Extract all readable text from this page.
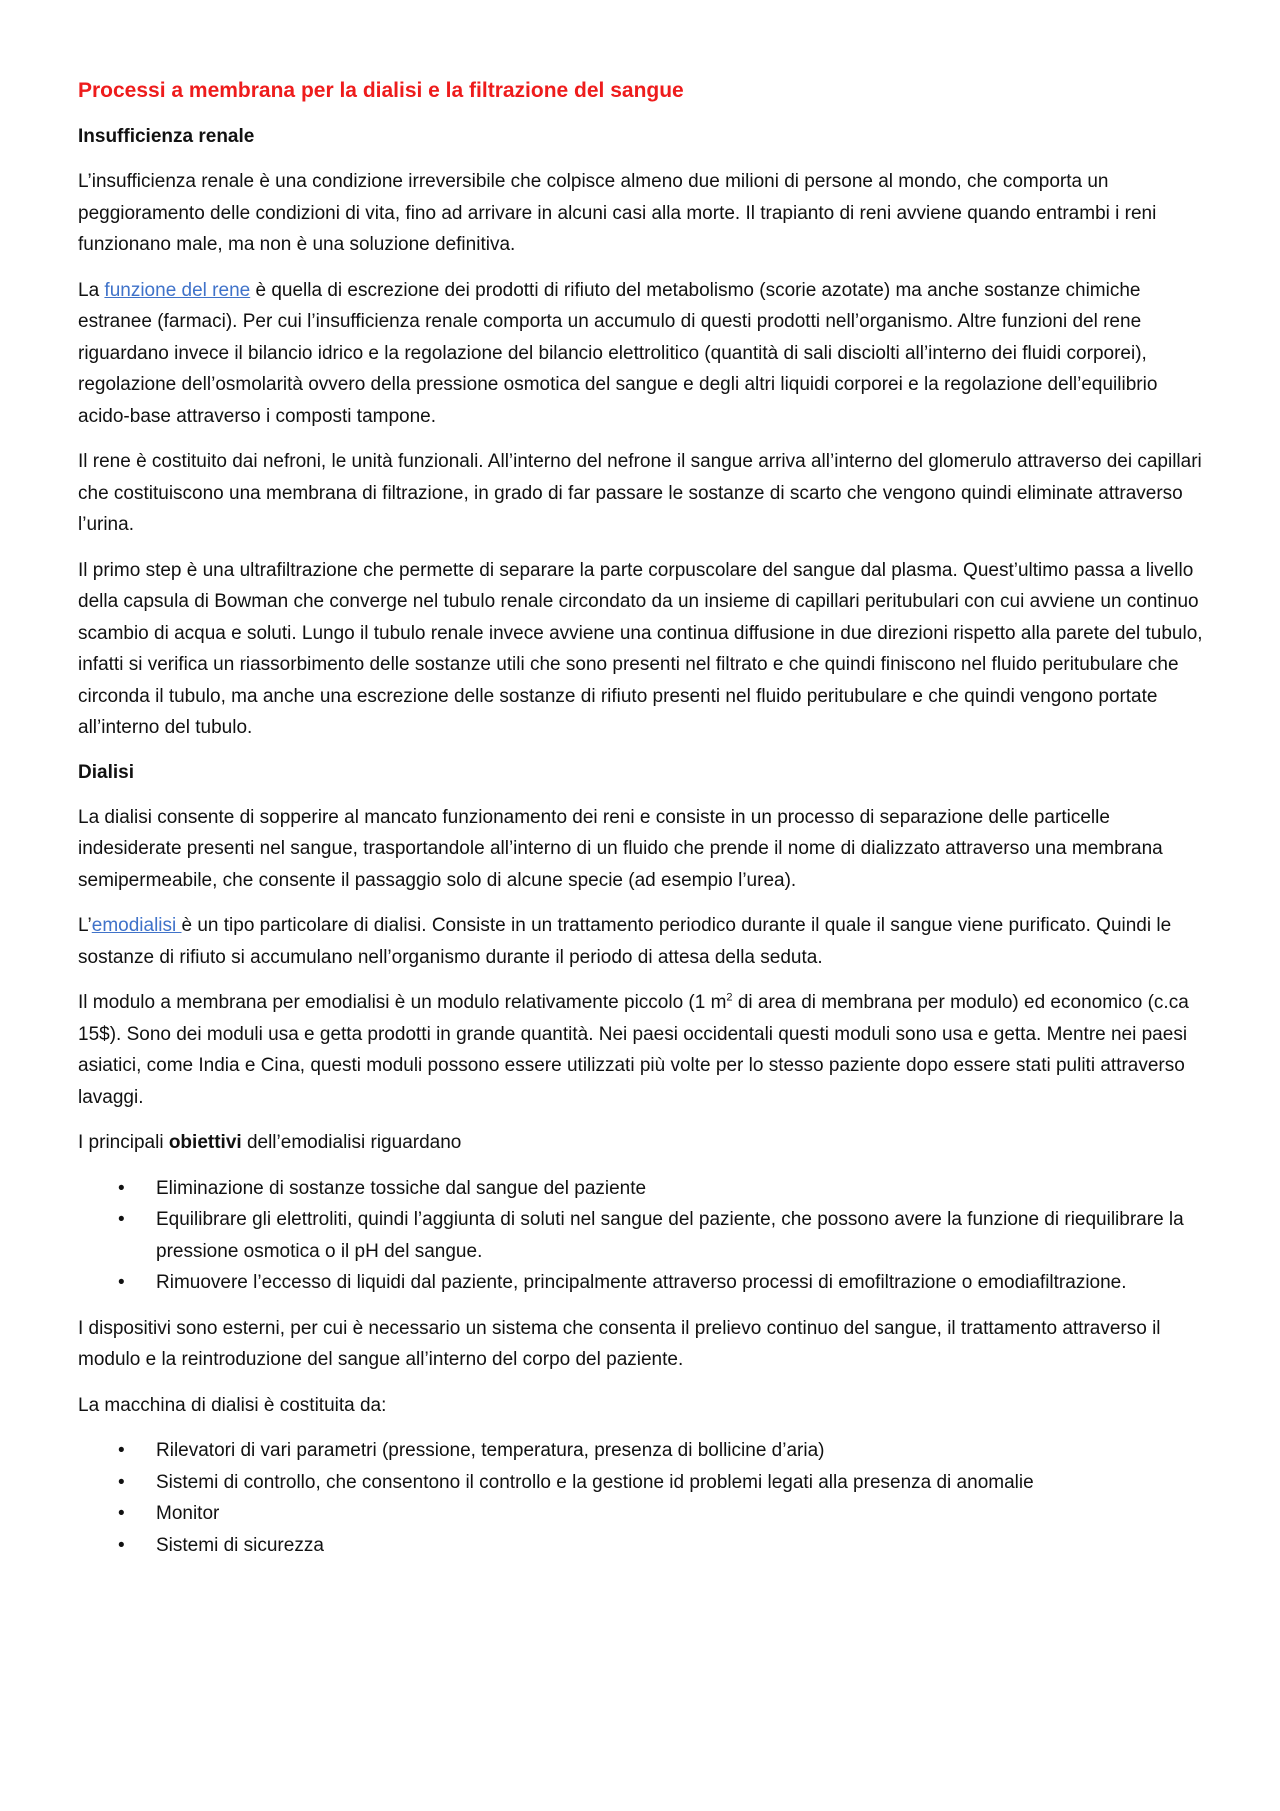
Processi a membrana per la dialisi e la filtrazione del sangue
Insufficienza renale

L’insufficienza renale è una condizione irreversibile che colpisce almeno due milioni di persone al mondo, che comporta un peggioramento delle condizioni di vita, fino ad arrivare in alcuni casi alla morte. Il trapianto di reni avviene quando entrambi i reni funzionano male, ma non è una soluzione definitiva.

La funzione del rene è quella di escrezione dei prodotti di rifiuto del metabolismo (scorie azotate) ma anche sostanze chimiche estranee (farmaci). Per cui l’insufficienza renale comporta un accumulo di questi prodotti nell’organismo. Altre funzioni del rene riguardano invece il bilancio idrico e la regolazione del bilancio elettrolitico (quantità di sali disciolti all’interno dei fluidi corporei), regolazione dell’osmolarità ovvero della pressione osmotica del sangue e degli altri liquidi corporei e la regolazione dell’equilibrio acido-base attraverso i composti tampone.

Il rene è costituito dai nefroni, le unità funzionali. All’interno del nefrone il sangue arriva all’interno del glomerulo attraverso dei capillari che costituiscono una membrana di filtrazione, in grado di far passare le sostanze di scarto che vengono quindi eliminate attraverso l’urina.

Il primo step è una ultrafiltrazione che permette di separare la parte corpuscolare del sangue dal plasma. Quest’ultimo passa a livello della capsula di Bowman che converge nel tubulo renale circondato da un insieme di capillari peritubulari con cui avviene un continuo scambio di acqua e soluti. Lungo il tubulo renale invece avviene una continua diffusione in due direzioni rispetto alla parete del tubulo, infatti si verifica un riassorbimento delle sostanze utili che sono presenti nel filtrato e che quindi finiscono nel fluido peritubulare che circonda il tubulo, ma anche una escrezione delle sostanze di rifiuto presenti nel fluido peritubulare e che quindi vengono portate all’interno del tubulo.

Dialisi

La dialisi consente di sopperire al mancato funzionamento dei reni e consiste in un processo di separazione delle particelle indesiderate presenti nel sangue, trasportandole all’interno di un fluido che prende il nome di dializzato attraverso una membrana semipermeabile, che consente il passaggio solo di alcune specie (ad esempio l’urea).

L’emodialisi è un tipo particolare di dialisi. Consiste in un trattamento periodico durante il quale il sangue viene purificato. Quindi le sostanze di rifiuto si accumulano nell’organismo durante il periodo di attesa della seduta.

Il modulo a membrana per emodialisi è un modulo relativamente piccolo (1 $m^2$ di area di membrana per modulo) ed economico (c.ca 15$). Sono dei moduli usa e getta prodotti in grande quantità. Nei paesi occidentali questi moduli sono usa e getta. Mentre nei paesi asiatici, come India e Cina, questi moduli possono essere utilizzati più volte per lo stesso paziente dopo essere stati puliti attraverso lavaggi.

I principali obiettivi dell’emodialisi riguardano

• Eliminazione di sostanze tossiche dal sangue del paziente
• Equilibrare gli elettroliti, quindi l’aggiunta di soluti nel sangue del paziente, che possono avere la funzione di riequilibrare la pressione osmotica o il pH del sangue.
• Rimuovere l’eccesso di liquidi dal paziente, principalmente attraverso processi di emofiltrazione o emodiafiltrazione.

I dispositivi sono esterni, per cui è necessario un sistema che consenta il prelievo continuo del sangue, il trattamento attraverso il modulo e la reintroduzione del sangue all’interno del corpo del paziente.

La macchina di dialisi è costituita da:

• Rilevatori di vari parametri (pressione, temperatura, presenza di bollicine d’aria)
• Sistemi di controllo, che consentono il controllo e la gestione id problemi legati alla presenza di anomalie
• Monitor
• Sistemi di sicurezza
